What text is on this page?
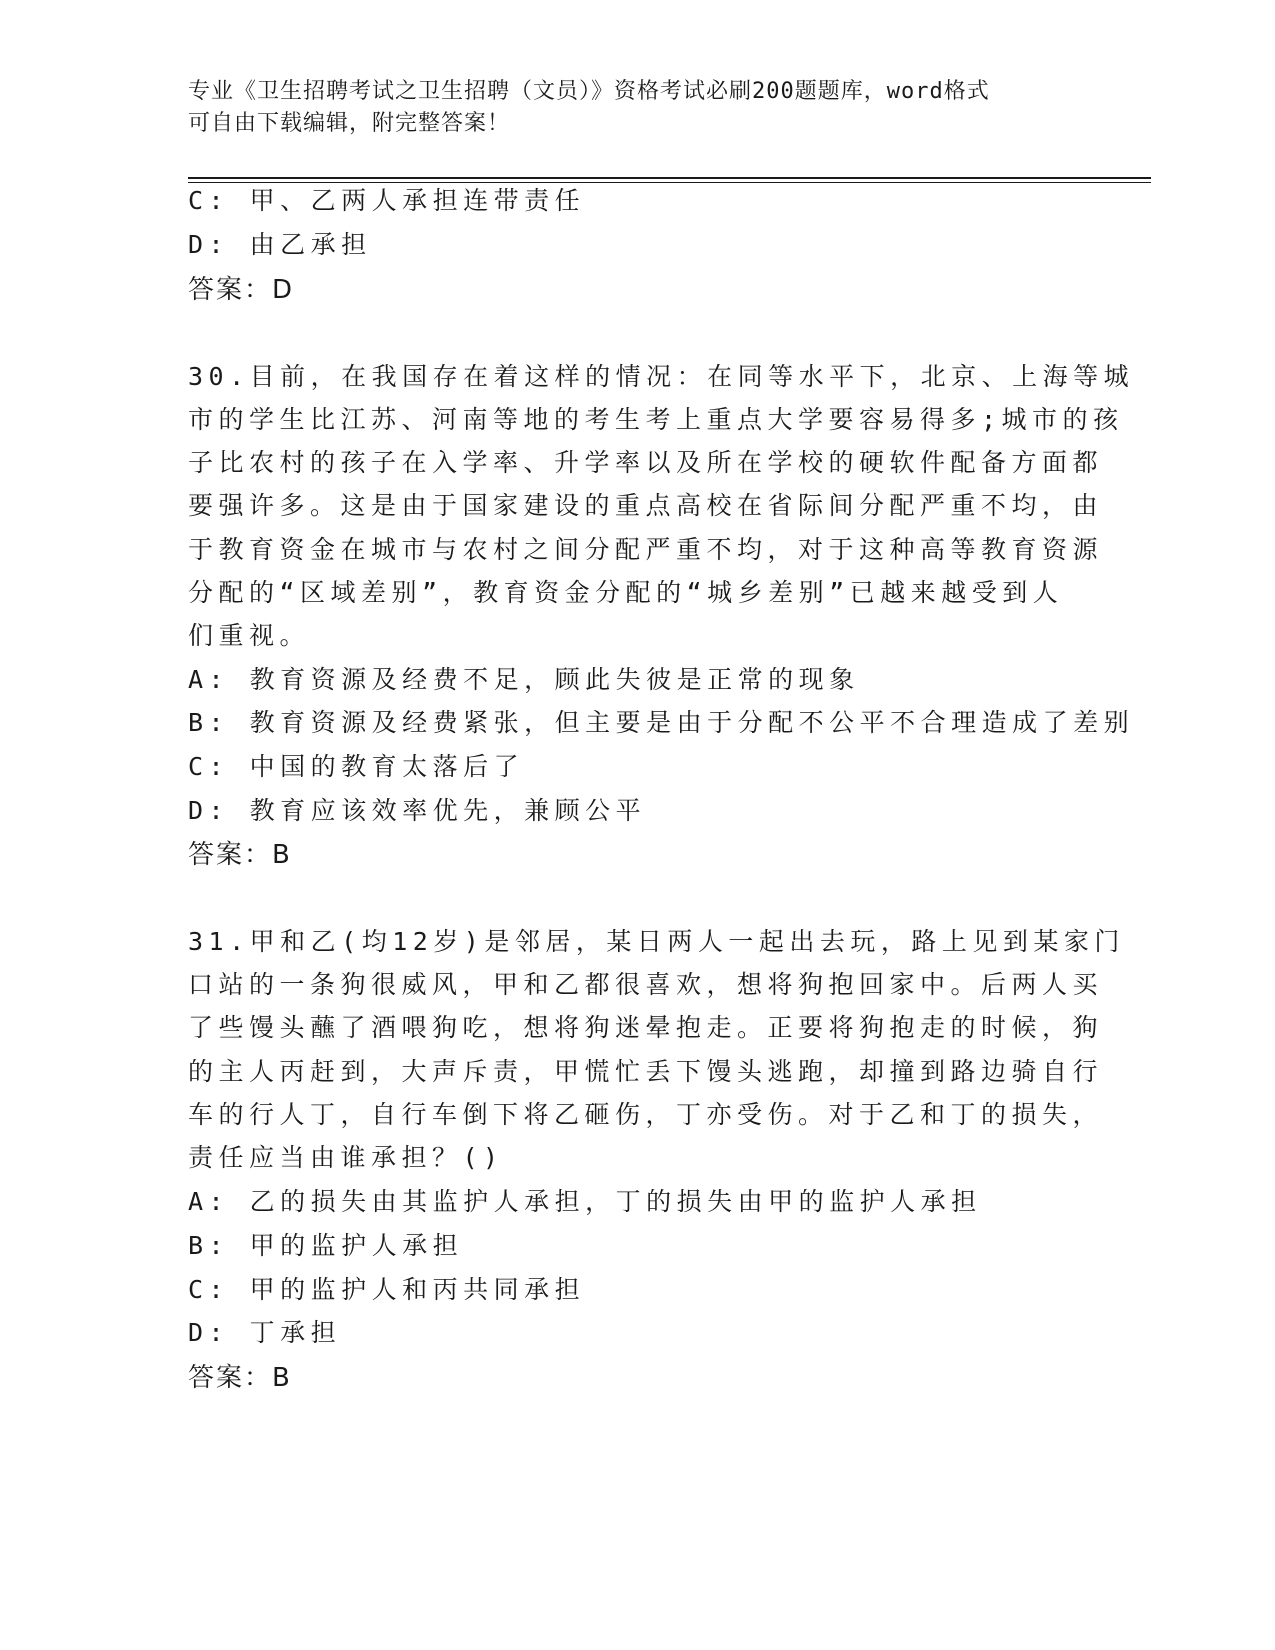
专业《卫生招聘考试之卫生招聘（文员）》资格考试必刷200题题库，word格式
可自由下载编辑，附完整答案！
C: 甲、乙两人承担连带责任
D: 由乙承担
答案：D
30.目前，在我国存在着这样的情况：在同等水平下，北京、上海等城
市的学生比江苏、河南等地的考生考上重点大学要容易得多;城市的孩
子比农村的孩子在入学率、升学率以及所在学校的硬软件配备方面都
要强许多。这是由于国家建设的重点高校在省际间分配严重不均，由
于教育资金在城市与农村之间分配严重不均，对于这种高等教育资源
分配的“区域差别”，教育资金分配的“城乡差别”已越来越受到人
们重视。
A: 教育资源及经费不足，顾此失彼是正常的现象
B: 教育资源及经费紧张，但主要是由于分配不公平不合理造成了差别
C: 中国的教育太落后了
D: 教育应该效率优先，兼顾公平
答案：B
31.甲和乙(均12岁)是邻居，某日两人一起出去玩，路上见到某家门
口站的一条狗很威风，甲和乙都很喜欢，想将狗抱回家中。后两人买
了些馒头蘸了酒喂狗吃，想将狗迷晕抱走。正要将狗抱走的时候，狗
的主人丙赶到，大声斥责，甲慌忙丢下馒头逃跑，却撞到路边骑自行
车的行人丁，自行车倒下将乙砸伤，丁亦受伤。对于乙和丁的损失，
责任应当由谁承担？()
A: 乙的损失由其监护人承担，丁的损失由甲的监护人承担
B: 甲的监护人承担
C: 甲的监护人和丙共同承担
D: 丁承担
答案：B
